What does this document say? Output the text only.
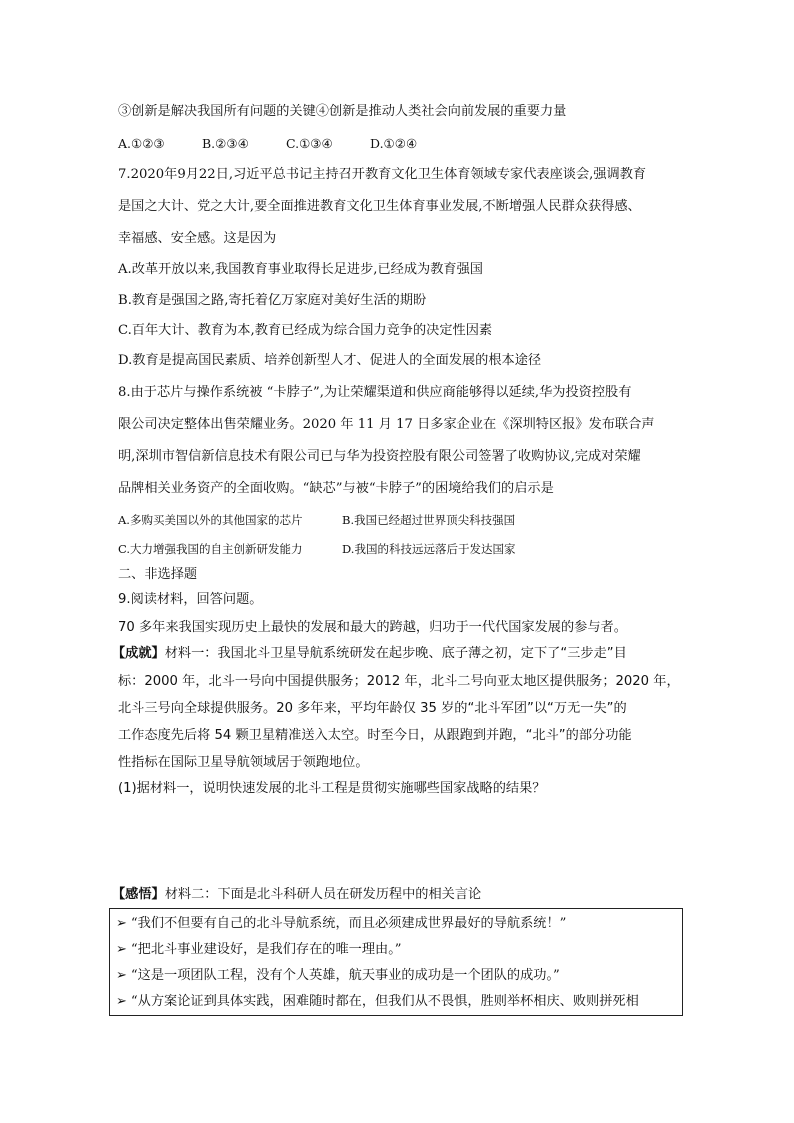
③创新是解决我国所有问题的关键④创新是推动人类社会向前发展的重要力量
A.①②③	B.②③④	C.①③④	D.①②④
7.2020年9月22日,习近平总书记主持召开教育文化卫生体育领域专家代表座谈会,强调教育
是国之大计、党之大计,要全面推进教育文化卫生体育事业发展,不断增强人民群众获得感、
幸福感、安全感。这是因为
A.改革开放以来,我国教育事业取得长足进步,已经成为教育强国
B.教育是强国之路,寄托着亿万家庭对美好生活的期盼
C.百年大计、教育为本,教育已经成为综合国力竞争的决定性因素
D.教育是提高国民素质、培养创新型人才、促进人的全面发展的根本途径
8.由于芯片与操作系统被 “卡脖子”,为让荣耀渠道和供应商能够得以延续,华为投资控股有
限公司决定整体出售荣耀业务。2020 年 11 月 17 日多家企业在《深圳特区报》发布联合声
明,深圳市智信新信息技术有限公司已与华为投资控股有限公司签署了收购协议,完成对荣耀
品牌相关业务资产的全面收购。“缺芯”与被“卡脖子”的困境给我们的启示是
A.多购买美国以外的其他国家的芯片	B.我国已经超过世界顶尖科技强国
C.大力增强我国的自主创新研发能力	D.我国的科技远远落后于发达国家
二、非选择题
9.阅读材料，回答问题。
70 多年来我国实现历史上最快的发展和最大的跨越，归功于一代代国家发展的参与者。
【成就】材料一：我国北斗卫星导航系统研发在起步晚、底子薄之初，定下了“三步走”目
标：2000 年，北斗一号向中国提供服务；2012 年，北斗二号向亚太地区提供服务；2020 年，
北斗三号向全球提供服务。20 多年来，平均年龄仅 35 岁的“北斗军团”以“万无一失”的
工作态度先后将 54 颗卫星精准送入太空。时至今日，从跟跑到并跑，“北斗”的部分功能
性指标在国际卫星导航领域居于领跑地位。
(1)据材料一，说明快速发展的北斗工程是贯彻实施哪些国家战略的结果？
【感悟】材料二：下面是北斗科研人员在研发历程中的相关言论
➢ “我们不但要有自己的北斗导航系统，而且必须建成世界最好的导航系统！”
➢ “把北斗事业建设好，是我们存在的唯一理由。”
➢ “这是一项团队工程，没有个人英雄，航天事业的成功是一个团队的成功。”
➢ “从方案论证到具体实践，困难随时都在，但我们从不畏惧，胜则举杯相庆、败则拼死相
